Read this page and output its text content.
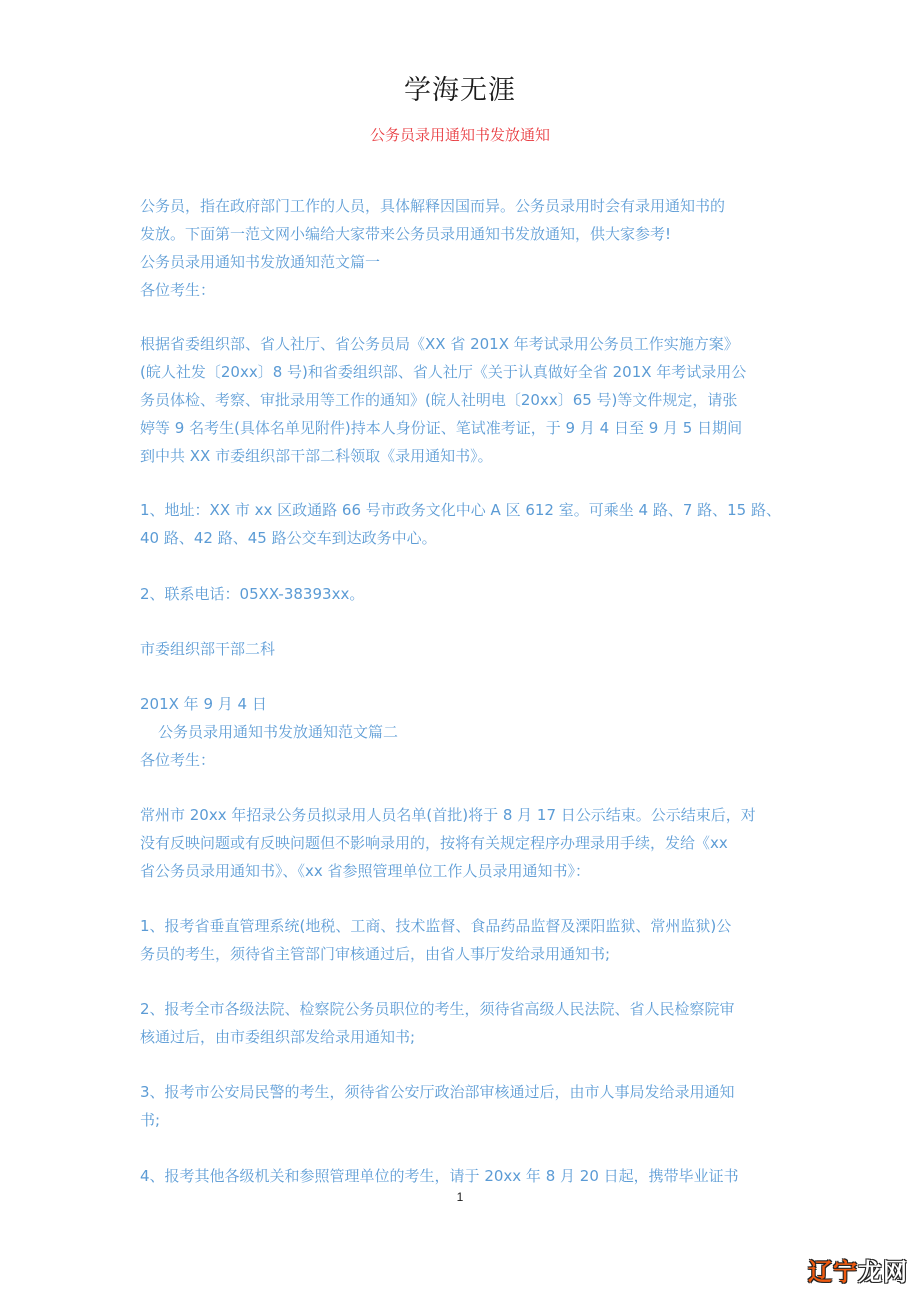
学海无涯
公务员录用通知书发放通知
公务员，指在政府部门工作的人员，具体解释因国而异。公务员录用时会有录用通知书的
发放。下面第一范文网小编给大家带来公务员录用通知书发放通知，供大家参考!
公务员录用通知书发放通知范文篇一
各位考生：
根据省委组织部、省人社厅、省公务员局《XX 省 201X 年考试录用公务员工作实施方案》
(皖人社发〔20xx〕8 号)和省委组织部、省人社厅《关于认真做好全省 201X 年考试录用公
务员体检、考察、审批录用等工作的通知》(皖人社明电〔20xx〕65 号)等文件规定，请张
婷等 9 名考生(具体名单见附件)持本人身份证、笔试准考证，于 9 月 4 日至 9 月 5 日期间
到中共 XX 市委组织部干部二科领取《录用通知书》。
1、地址：XX 市 xx 区政通路 66 号市政务文化中心 A 区 612 室。可乘坐 4 路、7 路、15 路、
40 路、42 路、45 路公交车到达政务中心。
2、联系电话：05XX-38393xx。
市委组织部干部二科
201X 年 9 月 4 日
公务员录用通知书发放通知范文篇二
各位考生：
常州市 20xx 年招录公务员拟录用人员名单(首批)将于 8 月 17 日公示结束。公示结束后，对
没有反映问题或有反映问题但不影响录用的，按将有关规定程序办理录用手续，发给《xx
省公务员录用通知书》、《xx 省参照管理单位工作人员录用通知书》：
1、报考省垂直管理系统(地税、工商、技术监督、食品药品监督及溧阳监狱、常州监狱)公
务员的考生，须待省主管部门审核通过后，由省人事厅发给录用通知书;
2、报考全市各级法院、检察院公务员职位的考生，须待省高级人民法院、省人民检察院审
核通过后，由市委组织部发给录用通知书;
3、报考市公安局民警的考生，须待省公安厅政治部审核通过后，由市人事局发给录用通知
书;
4、报考其他各级机关和参照管理单位的考生，请于 20xx 年 8 月 20 日起，携带毕业证书
1
辽宁龙网
